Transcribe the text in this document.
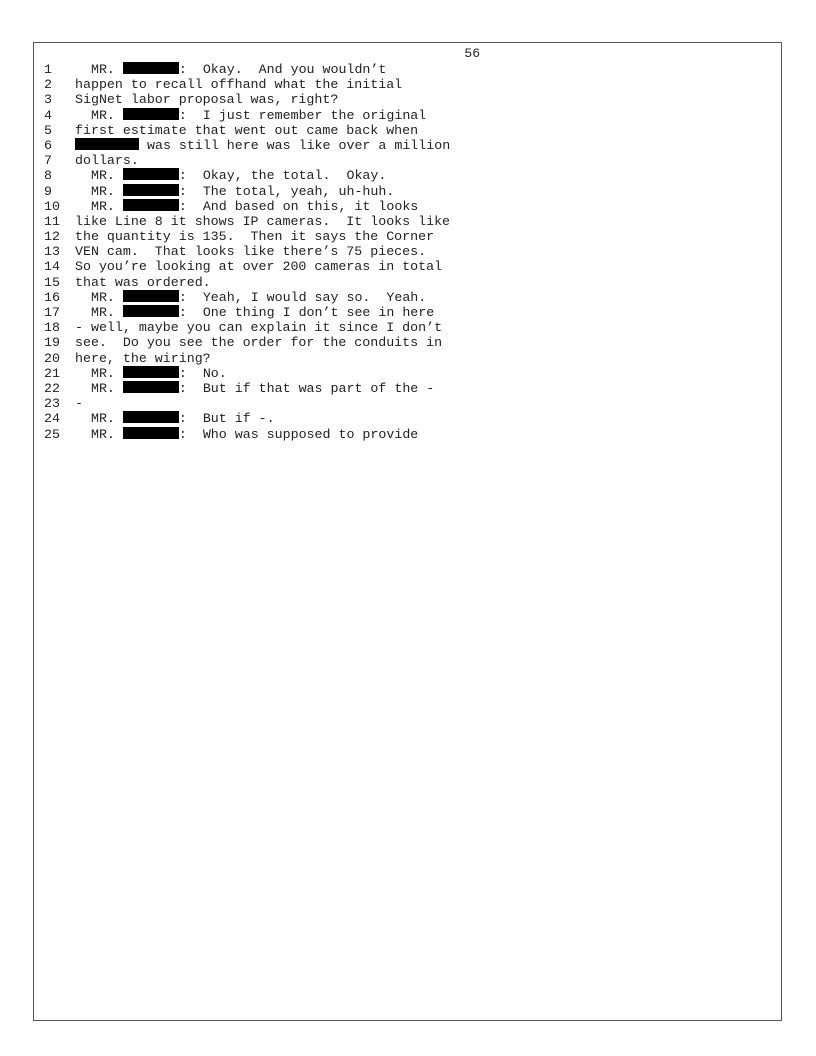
56
1	MR.	:  Okay.  And you wouldn’t
2	happen to recall offhand what the initial
3	SigNet labor proposal was, right?
4	MR.	:  I just remember the original
5	first estimate that went out came back when
6	was still here was like over a million
7	dollars.
8	MR.	:  Okay, the total.  Okay.
9	MR.	:  The total, yeah, uh-huh.
10	MR.	:  And based on this, it looks
11	like Line 8 it shows IP cameras.  It looks like
12	the quantity is 135.  Then it says the Corner
13	VEN cam.  That looks like there’s 75 pieces.
14	So you’re looking at over 200 cameras in total
15	that was ordered.
16	MR.	:  Yeah, I would say so.  Yeah.
17	MR.	:  One thing I don’t see in here
18	- well, maybe you can explain it since I don’t
19	see.  Do you see the order for the conduits in
20	here, the wiring?
21	MR.	:  No.
22	MR.	:  But if that was part of the -
23	-
24	MR.	:  But if -.
25	MR.	:  Who was supposed to provide
